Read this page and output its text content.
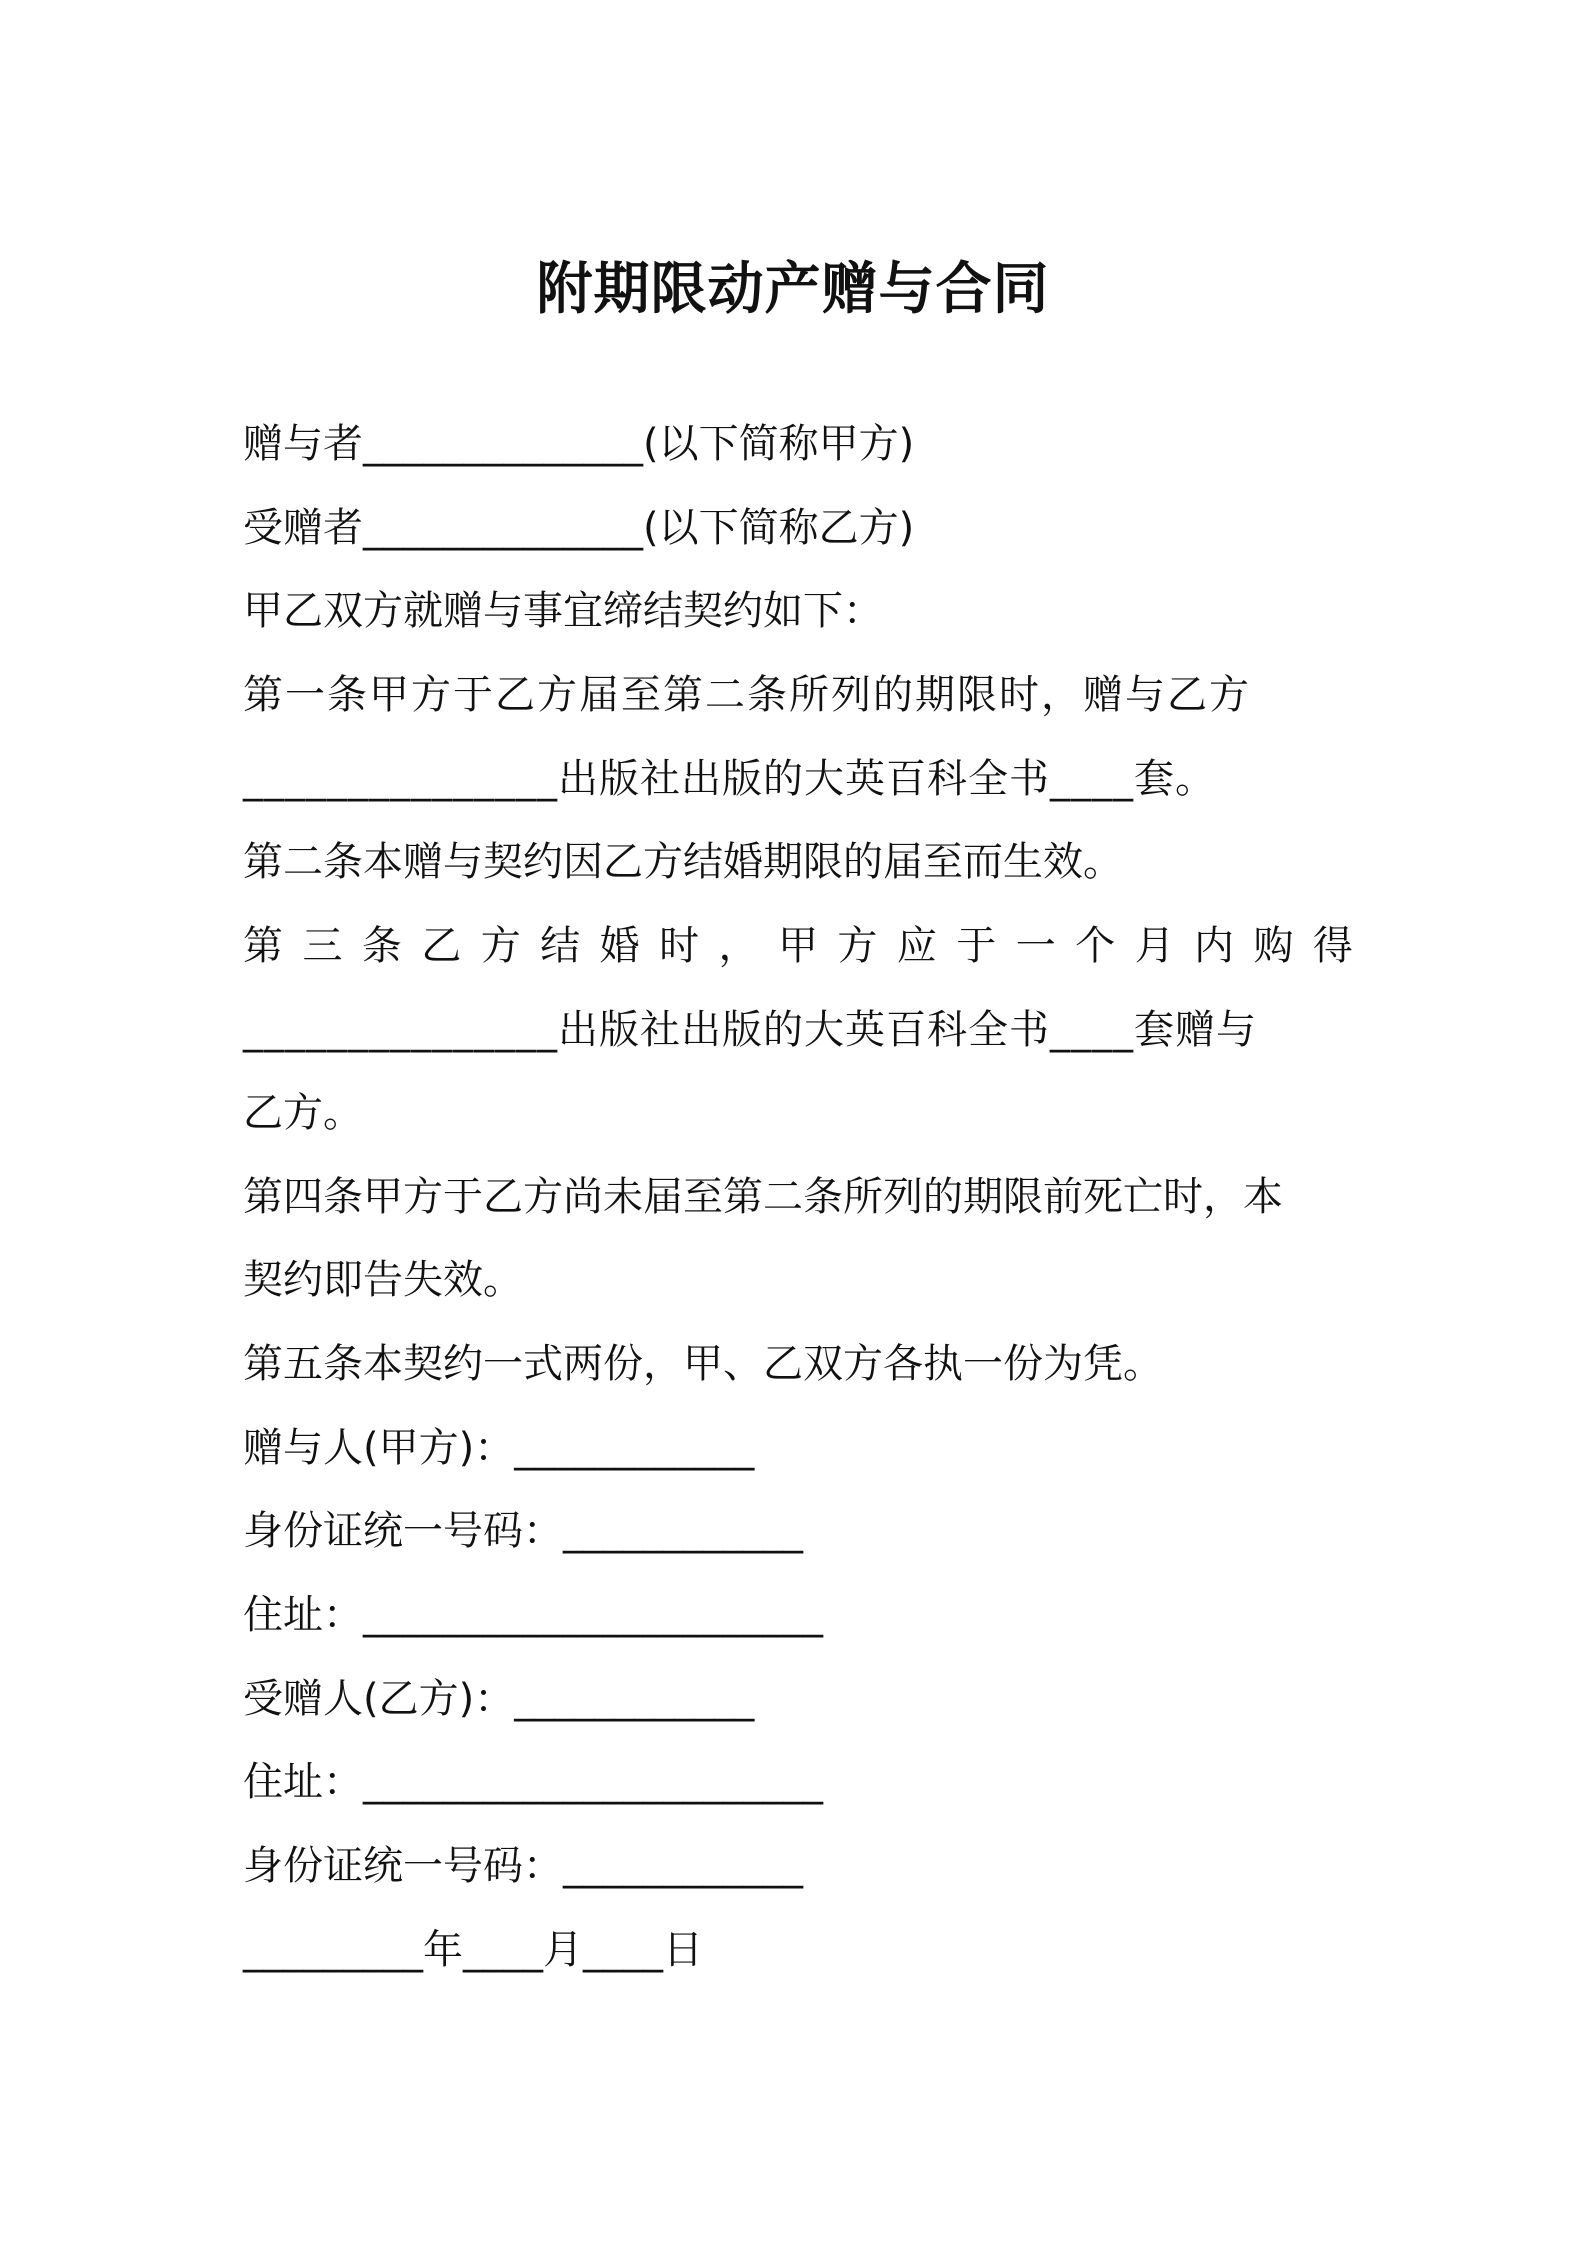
附期限动产赠与合同
赠与者______________(以下简称甲方)
受赠者______________(以下简称乙方)
甲乙双方就赠与事宜缔结契约如下：
第一条甲方于乙方届至第二条所列的期限时，赠与乙方
_______________出版社出版的大英百科全书____套。
第二条本赠与契约因乙方结婚期限的届至而生效。
第 三 条 乙 方 结 婚 时 ， 甲 方 应 于 一 个 月 内 购 得
_______________出版社出版的大英百科全书____套赠与
乙方。
第四条甲方于乙方尚未届至第二条所列的期限前死亡时，本
契约即告失效。
第五条本契约一式两份，甲、乙双方各执一份为凭。
赠与人(甲方)：____________
身份证统一号码：____________
住址：_______________________
受赠人(乙方)：____________
住址：_______________________
身份证统一号码：____________
_________年____月____日
